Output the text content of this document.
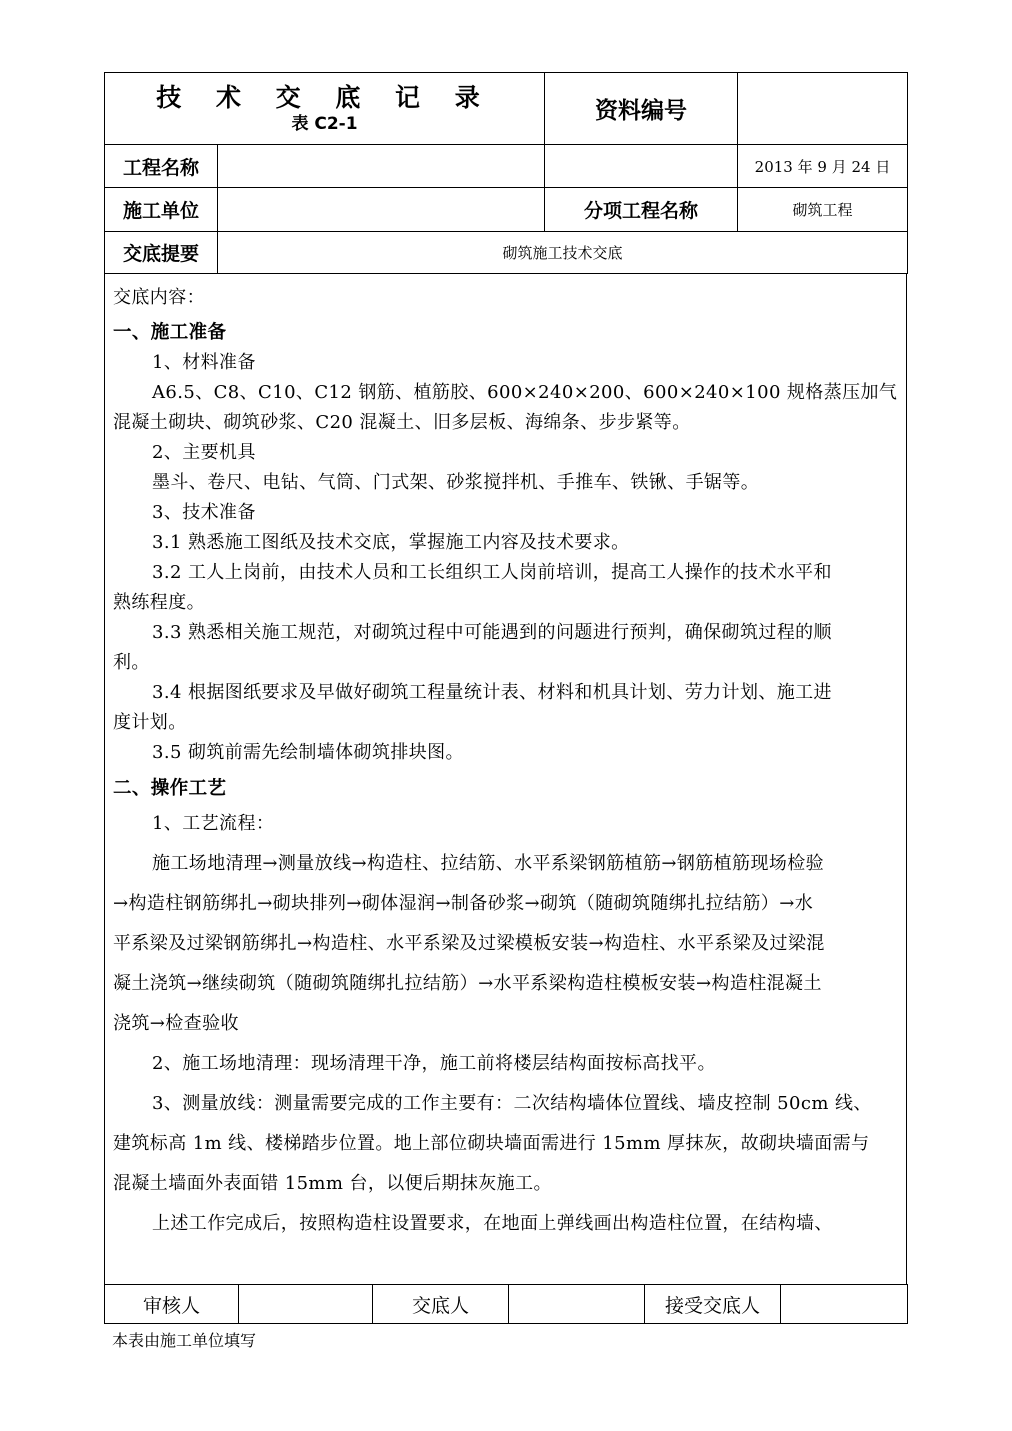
技 术 交 底 记 录
表 C2-1		资料编号	
工程名称			2013 年 9 月 24 日
施工单位		分项工程名称	砌筑工程
交底提要	砌筑施工技术交底		
交底内容：
一、施工准备
1、材料准备
A6.5、C8、C10、C12 钢筋、植筋胶、600×240×200、600×240×100 规格蒸压加气
混凝土砌块、砌筑砂浆、C20 混凝土、旧多层板、海绵条、步步紧等。
2、主要机具
墨斗、卷尺、电钻、气筒、门式架、砂浆搅拌机、手推车、铁锹、手锯等。
3、技术准备
3.1 熟悉施工图纸及技术交底，掌握施工内容及技术要求。
3.2 工人上岗前，由技术人员和工长组织工人岗前培训，提高工人操作的技术水平和
熟练程度。
3.3 熟悉相关施工规范，对砌筑过程中可能遇到的问题进行预判，确保砌筑过程的顺
利。
3.4 根据图纸要求及早做好砌筑工程量统计表、材料和机具计划、劳力计划、施工进
度计划。
3.5 砌筑前需先绘制墙体砌筑排块图。
二、操作工艺
1、工艺流程：
施工场地清理→测量放线→构造柱、拉结筋、水平系梁钢筋植筋→钢筋植筋现场检验
→构造柱钢筋绑扎→砌块排列→砌体湿润→制备砂浆→砌筑（随砌筑随绑扎拉结筋）→水
平系梁及过梁钢筋绑扎→构造柱、水平系梁及过梁模板安装→构造柱、水平系梁及过梁混
凝土浇筑→继续砌筑（随砌筑随绑扎拉结筋）→水平系梁构造柱模板安装→构造柱混凝土
浇筑→检查验收
2、施工场地清理：现场清理干净，施工前将楼层结构面按标高找平。
3、测量放线：测量需要完成的工作主要有：二次结构墙体位置线、墙皮控制 50cm 线、
建筑标高 1m 线、楼梯踏步位置。地上部位砌块墙面需进行 15mm 厚抹灰，故砌块墙面需与
混凝土墙面外表面错 15mm 台，以便后期抹灰施工。
上述工作完成后，按照构造柱设置要求，在地面上弹线画出构造柱位置，在结构墙、
审核人		交底人		接受交底人	
本表由施工单位填写
